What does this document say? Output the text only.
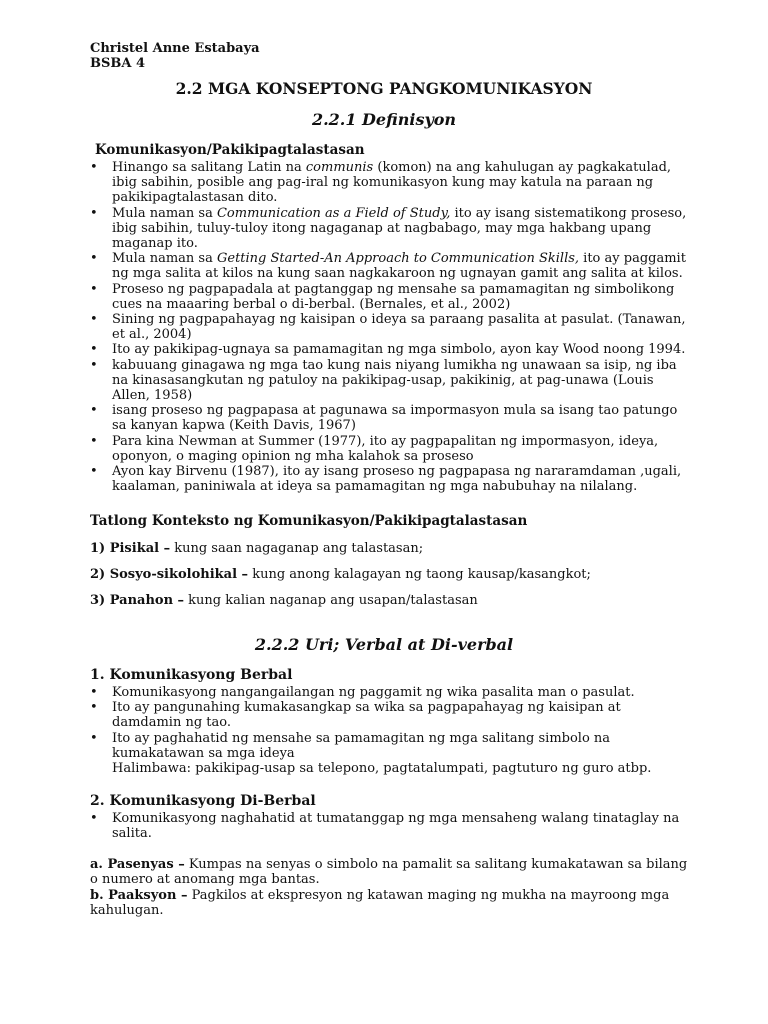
Christel Anne Estabaya
BSBA 4
2.2 MGA KONSEPTONG PANGKOMUNIKASYON
2.2.1 Definisyon
Komunikasyon/Pakikipagtalastasan
• Hinango sa salitang Latin na communis (komon) na ang kahulugan ay pagkakatulad, ibig sabihin, posible ang pag-iral ng komunikasyon kung may katula na paraan ng pakikipagtalastasan dito.
• Mula naman sa Communication as a Field of Study, ito ay isang sistematikong proseso, ibig sabihin, tuluy-tuloy itong nagaganap at nagbabago, may mga hakbang upang maganap ito.
• Mula naman sa Getting Started-An Approach to Communication Skills, ito ay paggamit ng mga salita at kilos na kung saan nagkakaroon ng ugnayan gamit ang salita at kilos.
• Proseso ng pagpapadala at pagtanggap ng mensahe sa pamamagitan ng simbolikong cues na maaaring berbal o di-berbal. (Bernales, et al., 2002)
• Sining ng pagpapahayag ng kaisipan o ideya sa paraang pasalita at pasulat. (Tanawan, et al., 2004)
• Ito ay pakikipag-ugnaya sa pamamagitan ng mga simbolo, ayon kay Wood noong 1994.
• kabuuang ginagawa ng mga tao kung nais niyang lumikha ng unawaan sa isip, ng iba na kinasasangkutan ng patuloy na pakikipag-usap, pakikinig, at pag-unawa (Louis Allen, 1958)
• isang proseso ng pagpapasa at pagunawa sa impormasyon mula sa isang tao patungo sa kanyan kapwa (Keith Davis, 1967)
• Para kina Newman at Summer (1977), ito ay pagpapalitan ng impormasyon, ideya, oponyon, o maging opinion ng mha kalahok sa proseso
• Ayon kay Birvenu (1987), ito ay isang proseso ng pagpapasa ng nararamdaman ,ugali, kaalaman, paniniwala at ideya sa pamamagitan ng mga nabubuhay na nilalang.
Tatlong Konteksto ng Komunikasyon/Pakikipagtalastasan
1) Pisikal – kung saan nagaganap ang talastasan;
2) Sosyo-sikolohikal – kung anong kalagayan ng taong kausap/kasangkot;
3) Panahon – kung kalian naganap ang usapan/talastasan
2.2.2 Uri; Verbal at Di-verbal
1. Komunikasyong Berbal
• Komunikasyong nangangailangan ng paggamit ng wika pasalita man o pasulat.
• Ito ay pangunahing kumakasangkap sa wika sa pagpapahayag ng kaisipan at damdamin ng tao.
• Ito ay paghahatid ng mensahe sa pamamagitan ng mga salitang simbolo na kumakatawan sa mga ideya
Halimbawa: pakikipag-usap sa telepono, pagtatalumpati, pagtuturo ng guro atbp.
2. Komunikasyong Di-Berbal
• Komunikasyong naghahatid at tumatanggap ng mga mensaheng walang tinataglay na salita.
a. Pasenyas – Kumpas na senyas o simbolo na pamalit sa salitang kumakatawan sa bilang o numero at anomang mga bantas.
b. Paaksyon – Pagkilos at ekspresyon ng katawan maging ng mukha na mayroong mga kahulugan.
